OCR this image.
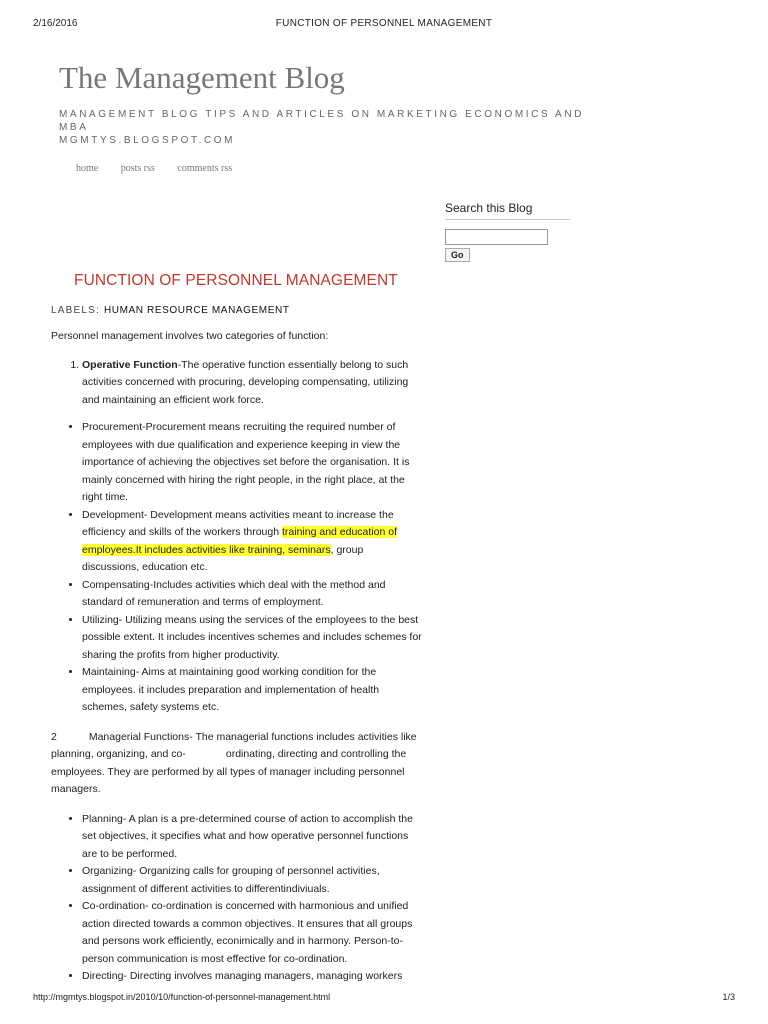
2/16/2016	FUNCTION OF PERSONNEL MANAGEMENT
The Management Blog
MANAGEMENT BLOG TIPS AND ARTICLES ON MARKETING ECONOMICS AND MBA
MGMTYS.BLOGSPOT.COM
home posts rss comments rss
Search this Blog
Go
FUNCTION OF PERSONNEL MANAGEMENT
LABELS: HUMAN RESOURCE MANAGEMENT

Personnel management involves two categories of function:

1. Operative Function-The operative function essentially belong to such activities concerned with procuring, developing compensating, utilizing and maintaining an efficient work force.
• Procurement-Procurement means recruiting the required number of employees with due qualification and experience keeping in view the importance of achieving the objectives set before the organisation. It is mainly concerned with hiring the right people, in the right place, at the right time.
• Development- Development means activities meant to increase the efficiency and skills of the workers through training and education of employees.It includes activities like training, seminars, group discussions, education etc.
• Compensating-Includes activities which deal with the method and standard of remuneration and terms of employment.
• Utilizing- Utilizing means using the services of the employees to the best possible extent. It includes incentives schemes and includes schemes for sharing the profits from higher productivity.
• Maintaining- Aims at maintaining good working condition for the employees. it includes preparation and implementation of health schemes, safety systems etc.

2	Managerial Functions- The managerial functions includes activities like planning, organizing, and co-	ordinating, directing and controlling the employees. They are performed by all types of manager including personnel managers.

• Planning- A plan is a pre-determined course of action to accomplish the set objectives, it specifies what and how operative personnel functions are to be performed.
• Organizing- Organizing calls for grouping of personnel activities, assignment of different activities to differentindiviuals.
• Co-ordination- co-ordination is concerned with harmonious and unified action directed towards a common objectives. It ensures that all groups and persons work efficiently, econimically and in harmony. Person-to-person communication is most effective for co-ordination.
• Directing- Directing involves managing managers, managing workers
http://mgmtys.blogspot.in/2010/10/function-of-personnel-management.html	1/3
